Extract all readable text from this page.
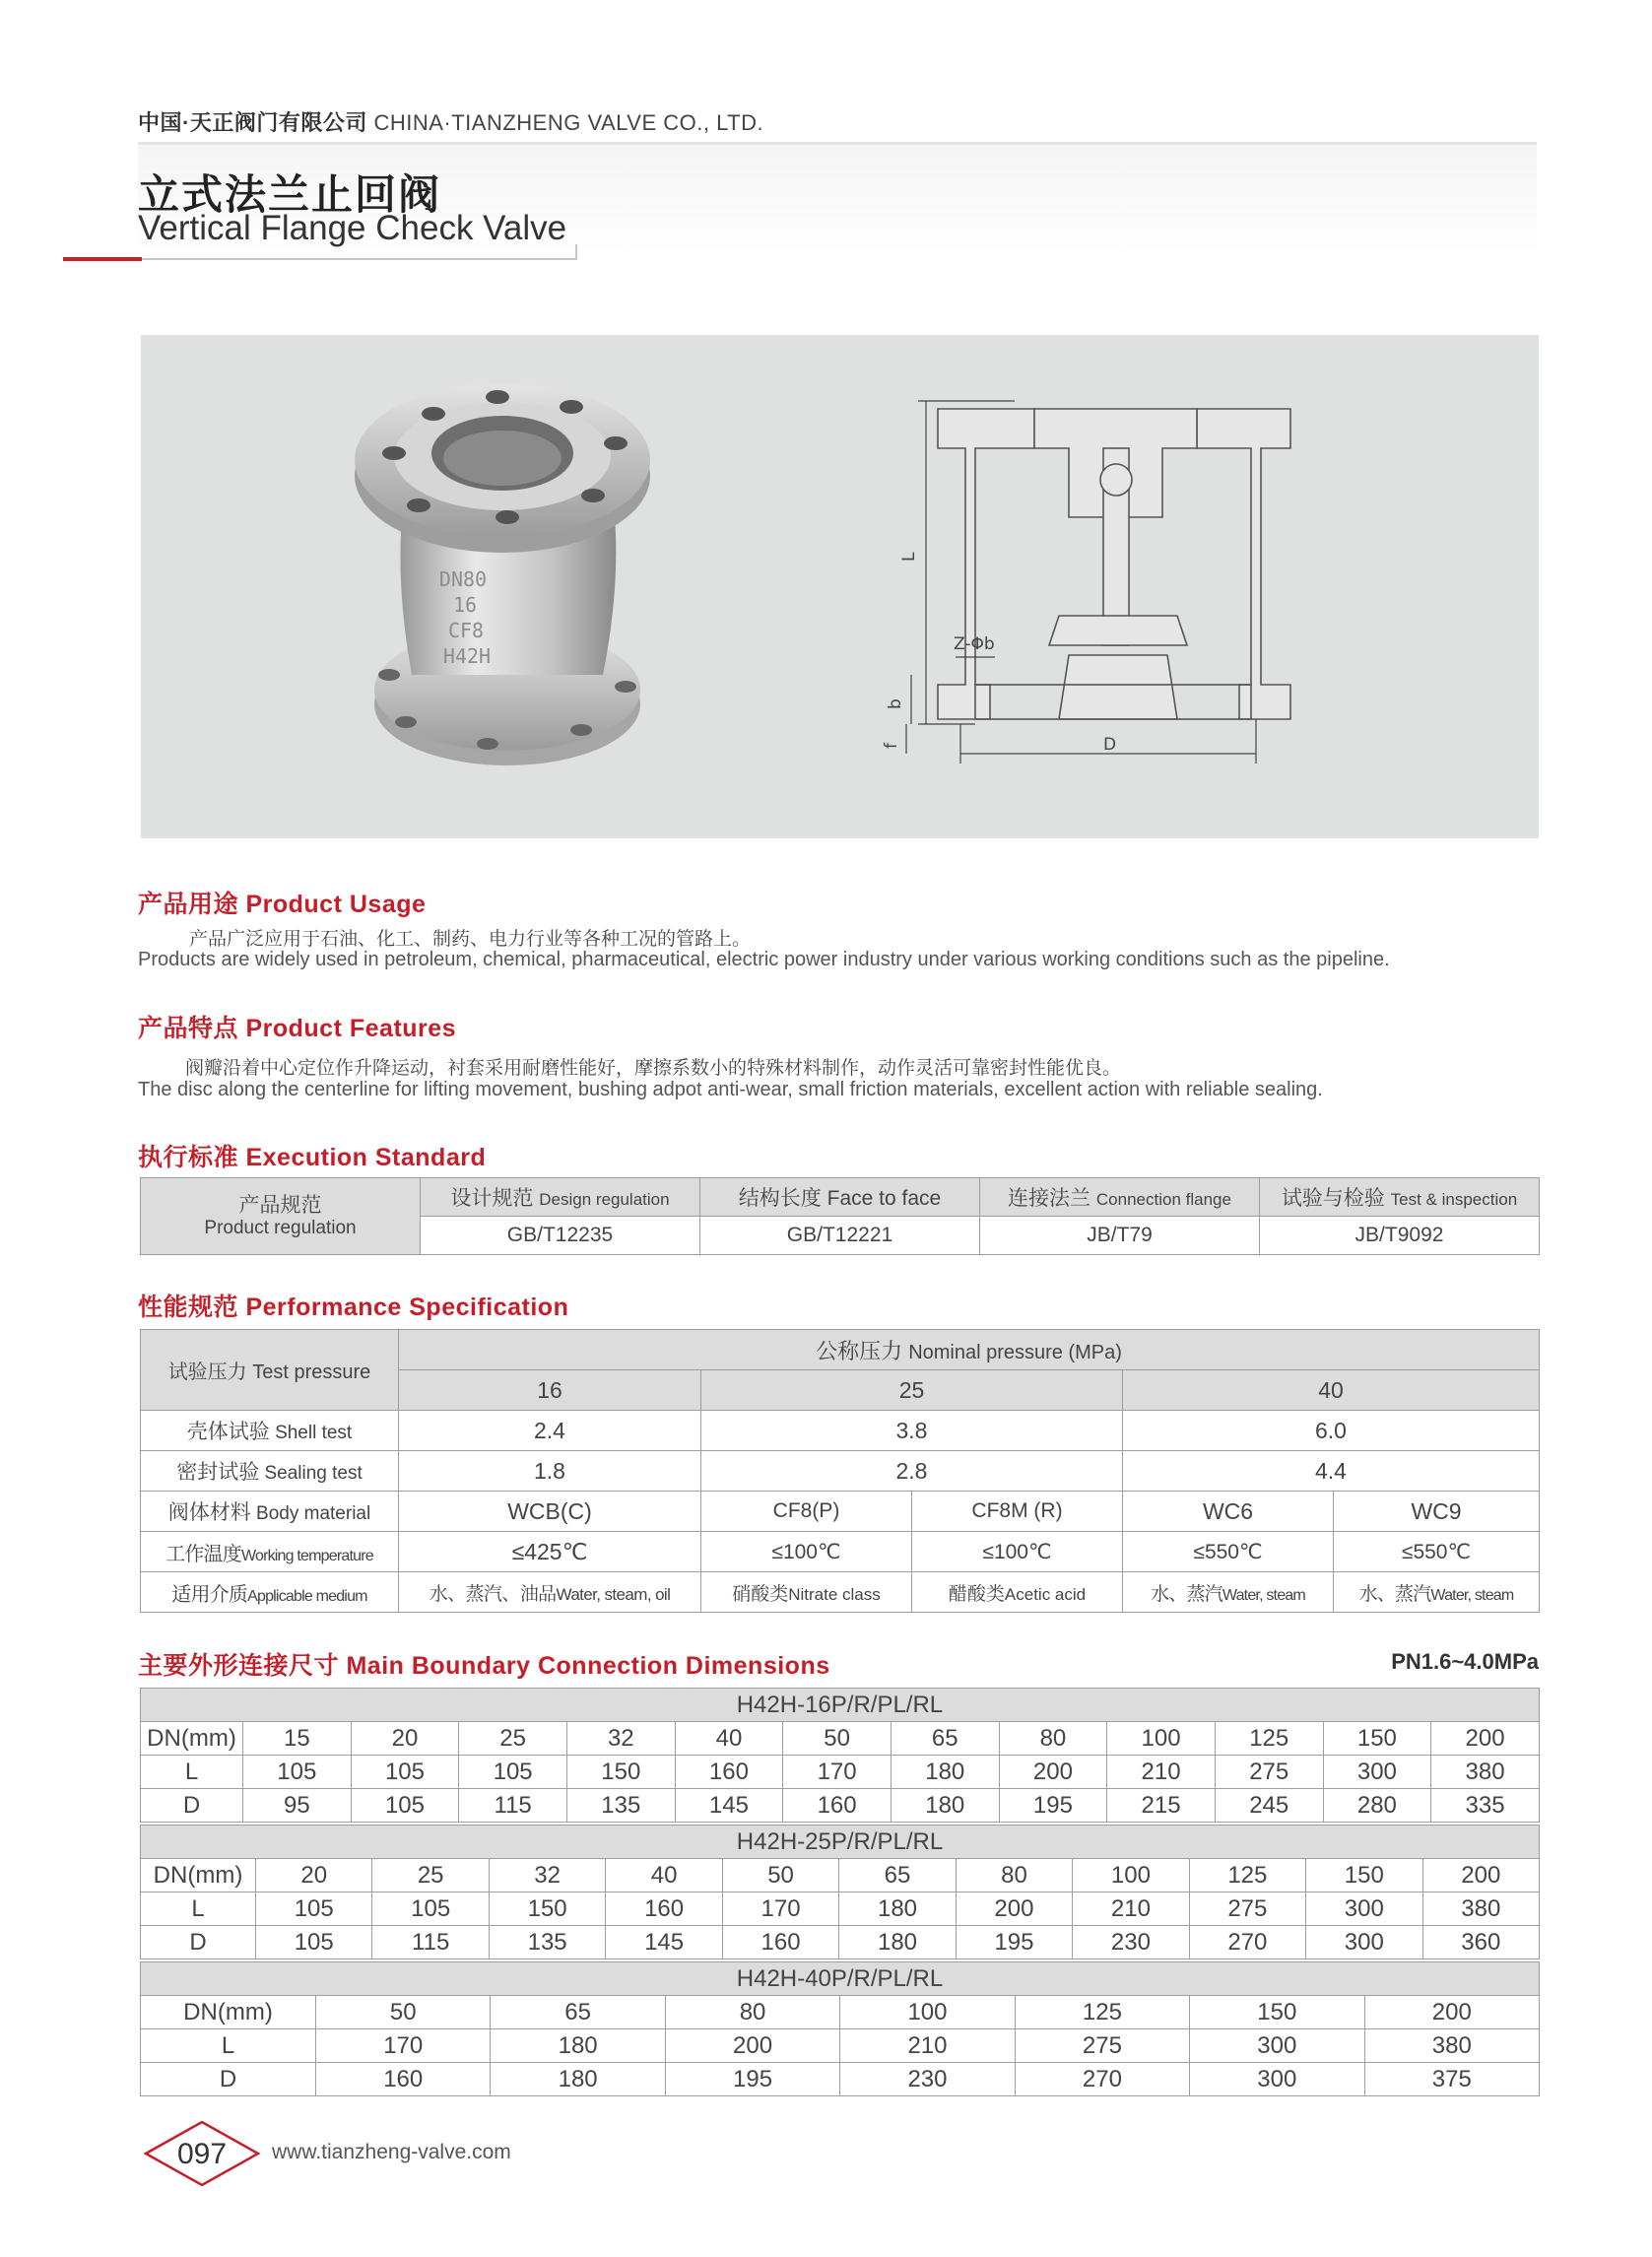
中国·天正阀门有限公司 CHINA·TIANZHENG VALVE CO., LTD.
立式法兰止回阀
Vertical Flange Check Valve
DN80
16
CF8
H42H
L
Z-Φb
b
f	D
产品用途 Product Usage
产品广泛应用于石油、化工、制药、电力行业等各种工况的管路上。
Products are widely used in petroleum, chemical, pharmaceutical, electric power industry under various working conditions such as the pipeline.
产品特点 Product Features
阀瓣沿着中心定位作升降运动，衬套采用耐磨性能好，摩擦系数小的特殊材料制作，动作灵活可靠密封性能优良。
The disc along the centerline for lifting movement, bushing adpot anti-wear, small friction materials, excellent action with reliable sealing.
执行标准 Execution Standard
产品规范
Product regulation	设计规范 Design regulation	结构长度 Face to face	连接法兰 Connection flange	试验与检验 Test & inspection
	GB/T12235	GB/T12221	JB/T79	JB/T9092
性能规范 Performance Specification
试验压力 Test pressure	公称压力 Nominal pressure (MPa)				
	16	25		40	
壳体试验 Shell test	2.4	3.8		6.0	
密封试验 Sealing test	1.8	2.8		4.4	
阀体材料 Body material	WCB(C)	CF8(P)	CF8M (R)	WC6	WC9
工作温度Working temperature	≤425℃	≤100℃	≤100℃	≤550℃	≤550℃
适用介质Applicable medium	水、蒸汽、油品Water, steam, oil	硝酸类Nitrate class	醋酸类Acetic acid	水、蒸汽Water, steam	水、蒸汽Water, steam
主要外形连接尺寸 Main Boundary Connection Dimensions	PN1.6~4.0MPa
H42H-16P/R/PL/RL												
DN(mm)	15	20	25	32	40	50	65	80	100	125	150	200
L	105	105	105	150	160	170	180	200	210	275	300	380
D	95	105	115	135	145	160	180	195	215	245	280	335
H42H-25P/R/PL/RL											
DN(mm)	20	25	32	40	50	65	80	100	125	150	200
L	105	105	150	160	170	180	200	210	275	300	380
D	105	115	135	145	160	180	195	230	270	300	360
H42H-40P/R/PL/RL							
DN(mm)	50	65	80	100	125	150	200
L	170	180	200	210	275	300	380
D	160	180	195	230	270	300	375
097 www.tianzheng-valve.com
